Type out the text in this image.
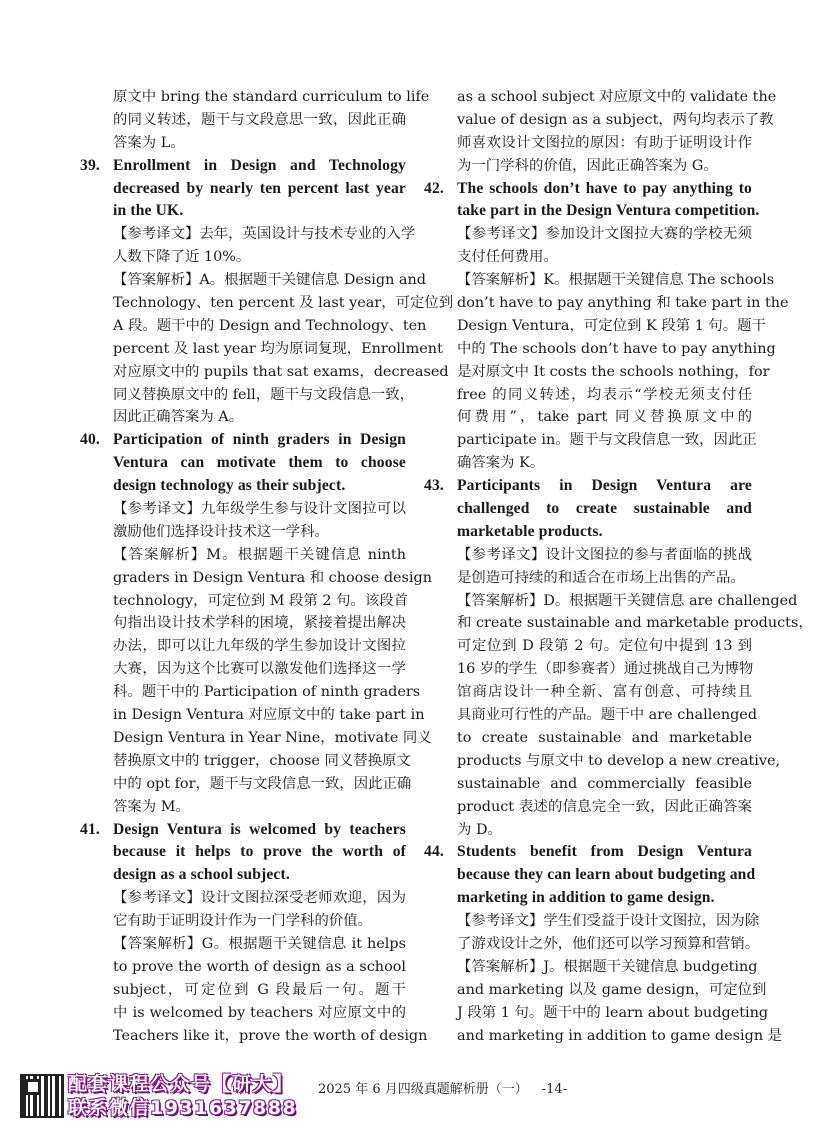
原文中 bring the standard curriculum to life
的同义转述，题干与文段意思一致，因此正确
答案为 L。
39. Enrollment in Design and Technology
decreased by nearly ten percent last year
in the UK.
【参考译文】去年，英国设计与技术专业的入学
人数下降了近 10%。
【答案解析】A。根据题干关键信息 Design and
Technology、ten percent 及 last year，可定位到
A 段。题干中的 Design and Technology、ten
percent 及 last year 均为原词复现，Enrollment
对应原文中的 pupils that sat exams，decreased
同义替换原文中的 fell，题干与文段信息一致，
因此正确答案为 A。
40. Participation of ninth graders in Design
Ventura can motivate them to choose
design technology as their subject.
【参考译文】九年级学生参与设计文图拉可以
激励他们选择设计技术这一学科。
【答案解析】M。根据题干关键信息 ninth
graders in Design Ventura 和 choose design
technology，可定位到 M 段第 2 句。该段首
句指出设计技术学科的困境，紧接着提出解决
办法，即可以让九年级的学生参加设计文图拉
大赛，因为这个比赛可以激发他们选择这一学
科。题干中的 Participation of ninth graders
in Design Ventura 对应原文中的 take part in
Design Ventura in Year Nine，motivate 同义
替换原文中的 trigger，choose 同义替换原文
中的 opt for，题干与文段信息一致，因此正确
答案为 M。
41. Design Ventura is welcomed by teachers
because it helps to prove the worth of
design as a school subject.
【参考译文】设计文图拉深受老师欢迎，因为
它有助于证明设计作为一门学科的价值。
【答案解析】G。根据题干关键信息 it helps
to prove the worth of design as a school
subject，可定位到 G 段最后一句。题干
中 is welcomed by teachers 对应原文中的
Teachers like it，prove the worth of design
as a school subject 对应原文中的 validate the
value of design as a subject，两句均表示了教
师喜欢设计文图拉的原因：有助于证明设计作
为一门学科的价值，因此正确答案为 G。
42. The schools don’t have to pay anything to
take part in the Design Ventura competition.
【参考译文】参加设计文图拉大赛的学校无须
支付任何费用。
【答案解析】K。根据题干关键信息 The schools
don’t have to pay anything 和 take part in the
Design Ventura，可定位到 K 段第 1 句。题干
中的 The schools don’t have to pay anything
是对原文中 It costs the schools nothing，for
free 的同义转述，均表示“学校无须支付任
何费用”，take part 同义替换原文中的
participate in。题干与文段信息一致，因此正
确答案为 K。
43. Participants in Design Ventura are
challenged to create sustainable and
marketable products.
【参考译文】设计文图拉的参与者面临的挑战
是创造可持续的和适合在市场上出售的产品。
【答案解析】D。根据题干关键信息 are challenged
和 create sustainable and marketable products，
可定位到 D 段第 2 句。定位句中提到 13 到
16 岁的学生（即参赛者）通过挑战自己为博物
馆商店设计一种全新、富有创意、可持续且
具商业可行性的产品。题干中 are challenged
to create sustainable and marketable
products 与原文中 to develop a new creative,
sustainable and commercially feasible
product 表述的信息完全一致，因此正确答案
为 D。
44. Students benefit from Design Ventura
because they can learn about budgeting and
marketing in addition to game design.
【参考译文】学生们受益于设计文图拉，因为除
了游戏设计之外，他们还可以学习预算和营销。
【答案解析】J。根据题干关键信息 budgeting
and marketing 以及 game design，可定位到
J 段第 1 句。题干中的 learn about budgeting
and marketing in addition to game design 是
配套课程公众号【研大】
联系微信1931637888
2025 年 6 月四级真题解析册（一） -14-
